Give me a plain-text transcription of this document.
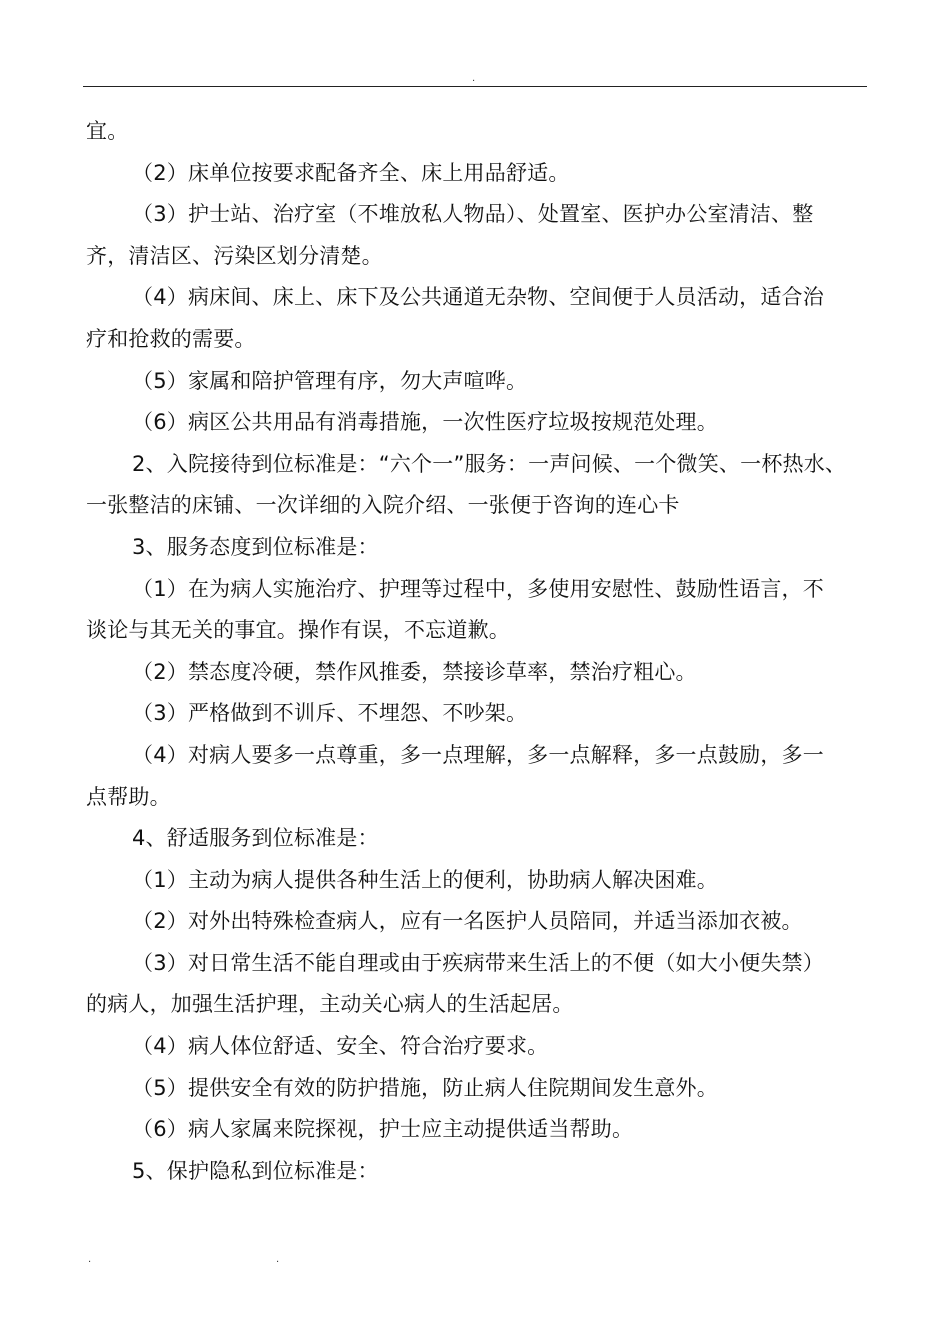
.
宜。
（2）床单位按要求配备齐全、床上用品舒适。
（3）护士站、治疗室（不堆放私人物品）、处置室、医护办公室清洁、整
齐，清洁区、污染区划分清楚。
（4）病床间、床上、床下及公共通道无杂物、空间便于人员活动，适合治
疗和抢救的需要。
（5）家属和陪护管理有序，勿大声喧哗。
（6）病区公共用品有消毒措施，一次性医疗垃圾按规范处理。
2、入院接待到位标准是：“六个一”服务：一声问候、一个微笑、一杯热水、
一张整洁的床铺、一次详细的入院介绍、一张便于咨询的连心卡
3、服务态度到位标准是：
（1）在为病人实施治疗、护理等过程中，多使用安慰性、鼓励性语言，不
谈论与其无关的事宜。操作有误，不忘道歉。
（2）禁态度冷硬，禁作风推委，禁接诊草率，禁治疗粗心。
（3）严格做到不训斥、不埋怨、不吵架。
（4）对病人要多一点尊重，多一点理解，多一点解释，多一点鼓励，多一
点帮助。
4、舒适服务到位标准是：
（1）主动为病人提供各种生活上的便利，协助病人解决困难。
（2）对外出特殊检查病人，应有一名医护人员陪同，并适当添加衣被。
（3）对日常生活不能自理或由于疾病带来生活上的不便（如大小便失禁）
的病人，加强生活护理，主动关心病人的生活起居。
（4）病人体位舒适、安全、符合治疗要求。
（5）提供安全有效的防护措施，防止病人住院期间发生意外。
（6）病人家属来院探视，护士应主动提供适当帮助。
5、保护隐私到位标准是：
.	.
